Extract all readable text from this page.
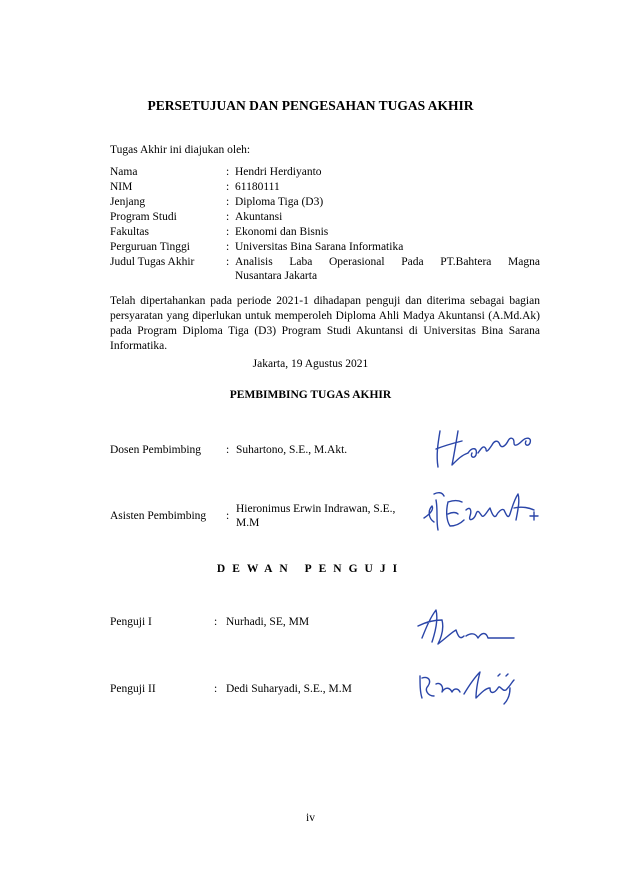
PERSETUJUAN DAN PENGESAHAN TUGAS AKHIR
Tugas Akhir ini diajukan oleh:
Nama	: Hendri Herdiyanto
NIM	: 61180111
Jenjang	: Diploma Tiga (D3)
Program Studi	: Akuntansi
Fakultas	: Ekonomi dan Bisnis
Perguruan Tinggi	: Universitas Bina Sarana Informatika
Judul Tugas Akhir	: Analisis Laba Operasional Pada PT.Bahtera Magna
Nusantara Jakarta
Telah dipertahankan pada periode 2021-1 dihadapan penguji dan diterima sebagai bagian persyaratan yang diperlukan untuk memperoleh Diploma Ahli Madya Akuntansi (A.Md.Ak) pada Program Diploma Tiga (D3) Program Studi Akuntansi di Universitas Bina Sarana Informatika.
Jakarta, 19 Agustus 2021
PEMBIMBING TUGAS AKHIR
Dosen Pembimbing : Suhartono, S.E., M.Akt.
Asisten Pembimbing :
Hieronimus Erwin Indrawan, S.E.,
M.M
DEWAN PENGUJI
Penguji I	: Nurhadi, SE, MM
Penguji II	: Dedi Suharyadi, S.E., M.M
iv
